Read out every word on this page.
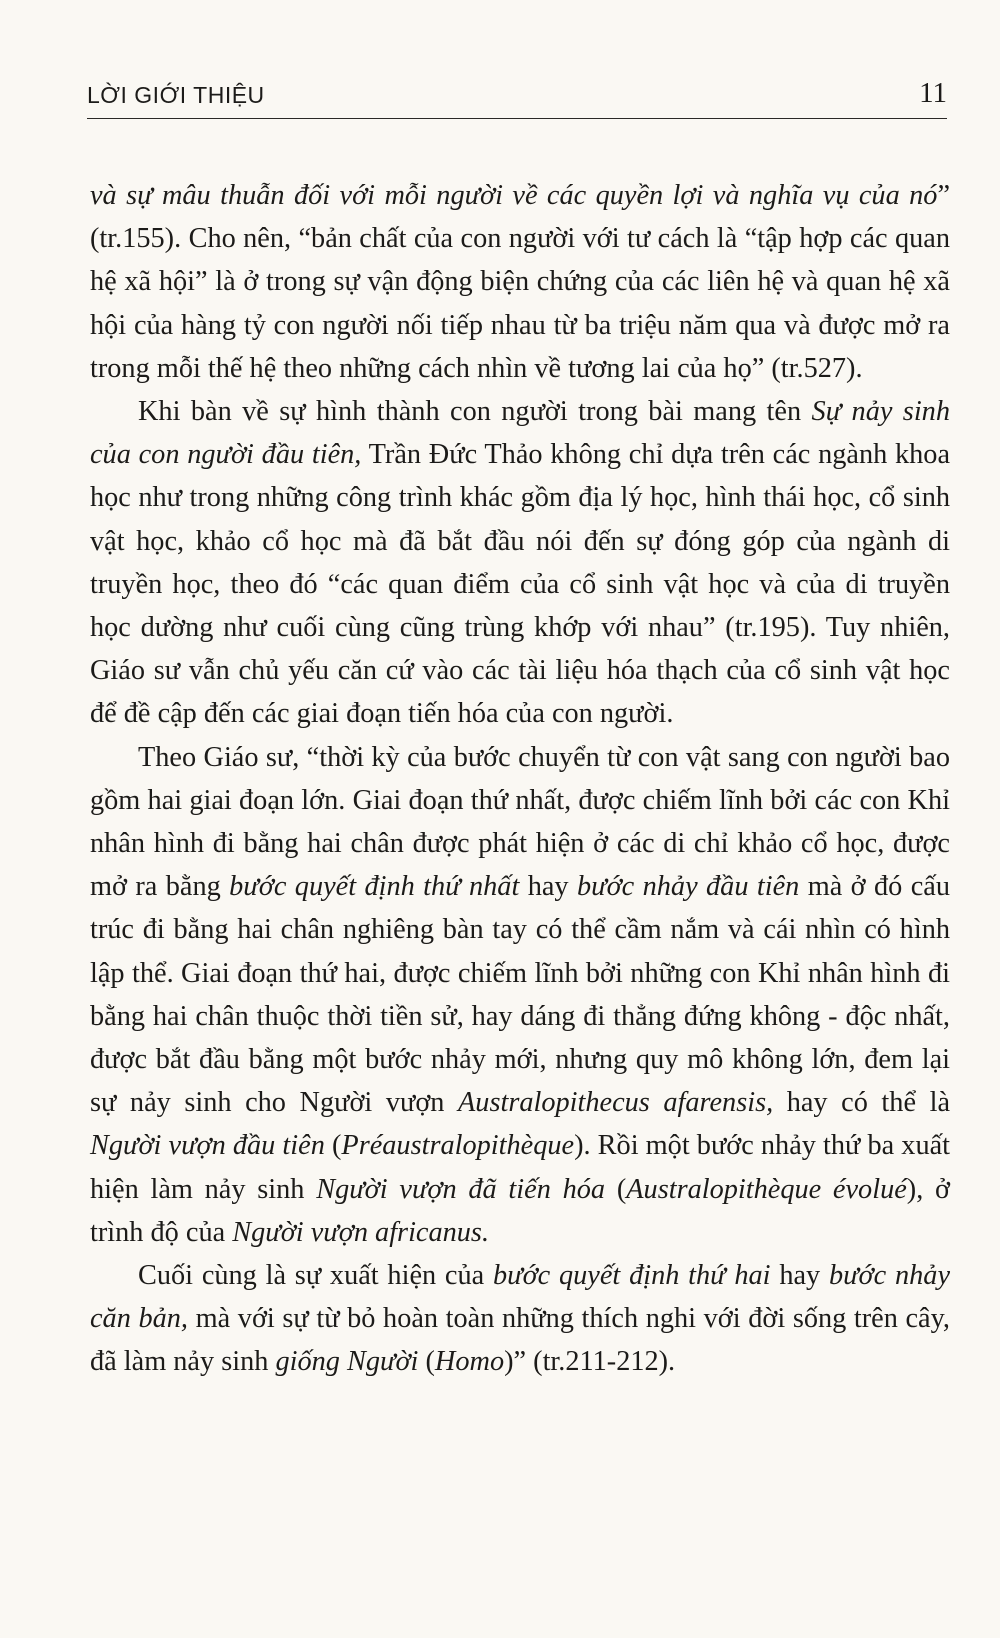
LỜI GIỚI THIỆU	11

và sự mâu thuẫn đối với mỗi người về các quyền lợi và nghĩa vụ của nó” (tr.155). Cho nên, “bản chất của con người với tư cách là “tập hợp các quan hệ xã hội” là ở trong sự vận động biện chứng của các liên hệ và quan hệ xã hội của hàng tỷ con người nối tiếp nhau từ ba triệu năm qua và được mở ra trong mỗi thế hệ theo những cách nhìn về tương lai của họ” (tr.527).

Khi bàn về sự hình thành con người trong bài mang tên Sự nảy sinh của con người đầu tiên, Trần Đức Thảo không chỉ dựa trên các ngành khoa học như trong những công trình khác gồm địa lý học, hình thái học, cổ sinh vật học, khảo cổ học mà đã bắt đầu nói đến sự đóng góp của ngành di truyền học, theo đó “các quan điểm của cổ sinh vật học và của di truyền học dường như cuối cùng cũng trùng khớp với nhau” (tr.195). Tuy nhiên, Giáo sư vẫn chủ yếu căn cứ vào các tài liệu hóa thạch của cổ sinh vật học để đề cập đến các giai đoạn tiến hóa của con người.

Theo Giáo sư, “thời kỳ của bước chuyển từ con vật sang con người bao gồm hai giai đoạn lớn. Giai đoạn thứ nhất, được chiếm lĩnh bởi các con Khỉ nhân hình đi bằng hai chân được phát hiện ở các di chỉ khảo cổ học, được mở ra bằng bước quyết định thứ nhất hay bước nhảy đầu tiên mà ở đó cấu trúc đi bằng hai chân nghiêng bàn tay có thể cầm nắm và cái nhìn có hình lập thể. Giai đoạn thứ hai, được chiếm lĩnh bởi những con Khỉ nhân hình đi bằng hai chân thuộc thời tiền sử, hay dáng đi thẳng đứng không - độc nhất, được bắt đầu bằng một bước nhảy mới, nhưng quy mô không lớn, đem lại sự nảy sinh cho Người vượn Australopithecus afarensis, hay có thể là Người vượn đầu tiên (Préaustralopithèque). Rồi một bước nhảy thứ ba xuất hiện làm nảy sinh Người vượn đã tiến hóa (Australopithèque évolué), ở trình độ của Người vượn africanus.

Cuối cùng là sự xuất hiện của bước quyết định thứ hai hay bước nhảy căn bản, mà với sự từ bỏ hoàn toàn những thích nghi với đời sống trên cây, đã làm nảy sinh giống Người (Homo)” (tr.211-212).
